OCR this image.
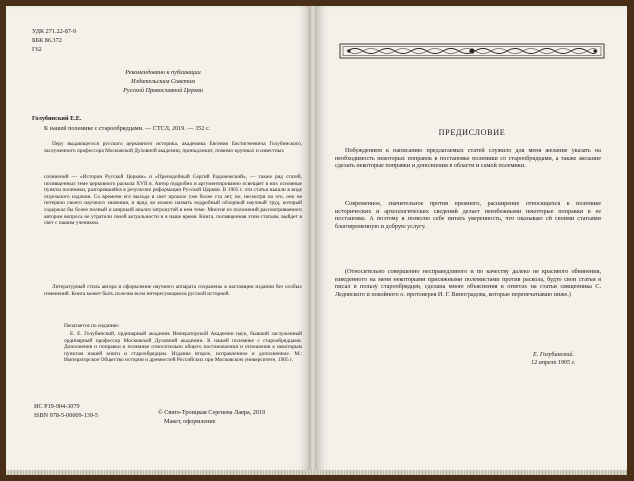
УДК 271.22-87-9

ББК 86.372

Г62

Рекомендовано к публикации

Издательским Советом

Русской Православной Церкви

Голубинский Е.Е.

К нашей полемике с старообрядцами. — СТСЛ, 2019. — 352 с.

Перу выдающегося русского церковного историка, академика Евгения Евстигнеевича Голубинского, заслуженного профессора Московской Духовной академии, принадлежит, помимо крупных и известных

сочинений — «История Русской Церкви» и «Преподобный Сергий Радонежский», — также ряд статей, посвященных теме церковного раскола XVII в. Автор подробно и аргументированно освещает в них основные пункты полемики, разгоревшейся в результате реформации Русской Церкви. В 1905 г. эти статьи вышли в виде отдельного издания. Со времени его выхода в свет прошло уже более ста лет, но, несмотря на это, оно не потеряло своего научного значения, и вряд ли можно назвать подробный обзорный научный труд, который содержал бы более полный и широкий анализ затронутой в нем теме. Многие из положений рассматриваемого автором вопроса не утратили своей актуальности и в наше время. Книга, посвященная этим статьям, выйдет в свет с нашим учеником.

Литературный стиль автора и оформление научного аппарата сохранены в настоящем издании без особых изменений. Книга может быть полезна всем интересующимся русской историей.

Печатается по изданию:

Е. Е. Голубинский, ординарный академик Императорской Академии наук, бывший заслуженный ординарный профессор Московской Духовной академии. К нашей полемике с старообрядцами. Дополнения и поправки к полемике относительно общего постановления и отношения к некоторым пунктам нашей книги и старообрядцам. Издание второе, исправленное и дополненное. М.: Императорское Общество истории и древностей Российских при Московском университете, 1905 г.

ИС Р19-904-3079

ISBN 978-5-00009-139-5	© Свято-Троицкая Сергиева Лавра, 2019

Макет, оформление

ПРЕДИСЛОВИЕ

Побуждением к написанию предлагаемых статей служило для меня желание указать на необходимость некоторых поправок в постановке полемики со старообрядцами, а также желание сделать некоторые поправки и дополнения в области и самой полемики.

Современное, значительное против прежнего, расширение относящихся к полемике исторических и археологических сведений делает неизбежными некоторые поправки в ее постановке. А поэтому я позволю себе питать уверенность, что оказываю сй своими статьями благовременную и добрую услугу.

(Относительно совершенно несправедливого и по качеству далеко не красивого обвинения, взведенного на меня некоторыми присяжными полемистами против раскола, будто свои статьи я писал в пользу старообрядцев, сделана мною объяснения в ответах на статьи священника С. Ледовского и покойного о. протоиерея И. Г. Виноградова, которые перепечатываю ниже.)

Е. Голубинский.

12 апреля 1905 г.
